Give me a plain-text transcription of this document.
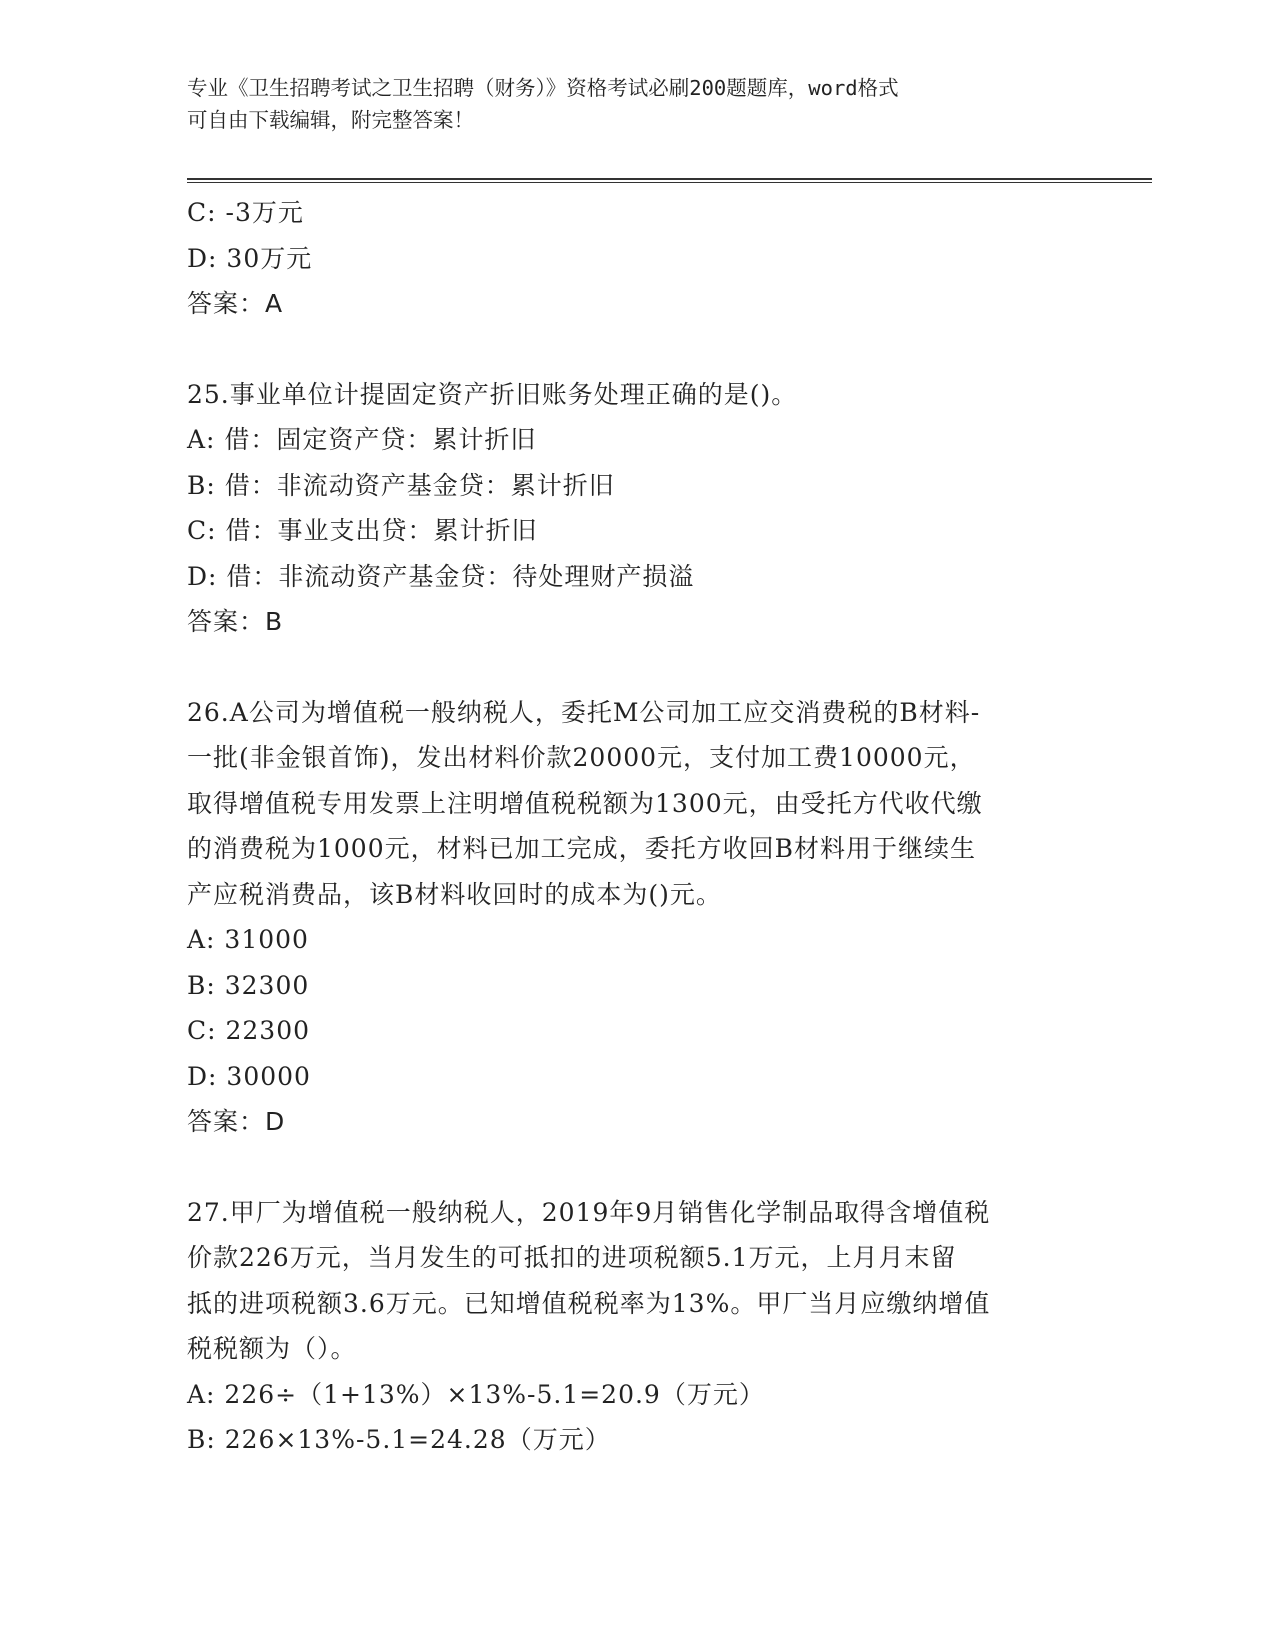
专业《卫生招聘考试之卫生招聘（财务）》资格考试必刷200题题库，word格式
可自由下载编辑，附完整答案！
C: -3万元
D: 30万元
答案：A
25.事业单位计提固定资产折旧账务处理正确的是()。
A: 借：固定资产贷：累计折旧
B: 借：非流动资产基金贷：累计折旧
C: 借：事业支出贷：累计折旧
D: 借：非流动资产基金贷：待处理财产损溢
答案：B
26.A公司为增值税一般纳税人，委托M公司加工应交消费税的B材料-
一批(非金银首饰)，发出材料价款20000元，支付加工费10000元，
取得增值税专用发票上注明增值税税额为1300元，由受托方代收代缴
的消费税为1000元，材料已加工完成，委托方收回B材料用于继续生
产应税消费品，该B材料收回时的成本为()元。
A: 31000
B: 32300
C: 22300
D: 30000
答案：D
27.甲厂为增值税一般纳税人，2019年9月销售化学制品取得含增值税
价款226万元，当月发生的可抵扣的进项税额5.1万元，上月月末留
抵的进项税额3.6万元。已知增值税税率为13%。甲厂当月应缴纳增值
税税额为（）。
A: 226÷（1+13%）×13%-5.1=20.9（万元）
B: 226×13%-5.1=24.28（万元）
